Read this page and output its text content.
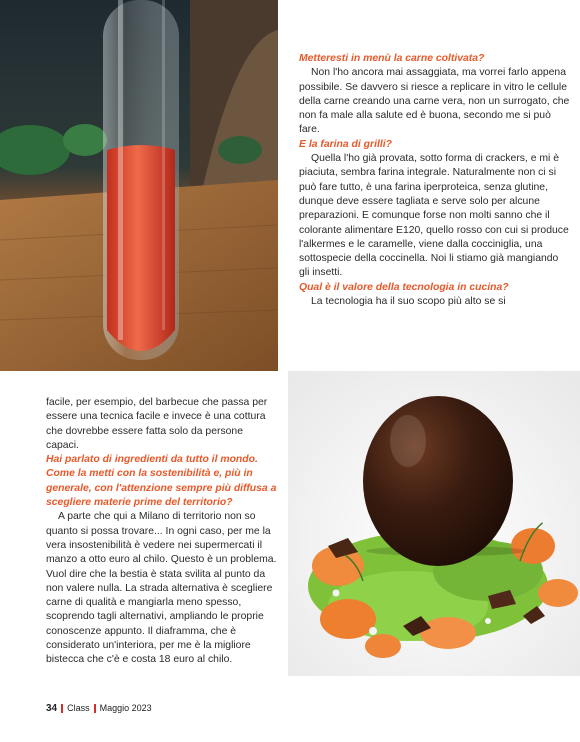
Metteresti in menù la carne coltivata?

Non l'ho ancora mai assaggiata, ma vorrei farlo appena possibile. Se davvero si riesce a replicare in vitro le cellule della carne creando una carne vera, non un surrogato, che non fa male alla salute ed è buona, secondo me si può fare.

E la farina di grilli?

Quella l'ho già provata, sotto forma di crackers, e mi è piaciuta, sembra farina integrale. Naturalmente non ci si può fare tutto, è una farina iperproteica, senza glutine, dunque deve essere tagliata e serve solo per alcune preparazioni. E comunque forse non molti sanno che il colorante alimentare E120, quello rosso con cui si produce l'alkermes e le caramelle, viene dalla cocciniglia, una sottospecie della coccinella. Noi li stiamo già mangiando gli insetti.

Qual è il valore della tecnologia in cucina?

La tecnologia ha il suo scopo più alto se si

facile, per esempio, del barbecue che passa per essere una tecnica facile e invece è una cottura che dovrebbe essere fatta solo da persone capaci.

Hai parlato di ingredienti da tutto il mondo. Come la metti con la sostenibilità e, più in generale, con l'attenzione sempre più diffusa a scegliere materie prime del territorio?

A parte che qui a Milano di territorio non so quanto si possa trovare... In ogni caso, per me la vera insostenibilità è vedere nei supermercati il manzo a otto euro al chilo. Questo è un problema. Vuol dire che la bestia è stata svilita al punto da non valere nulla. La strada alternativa è scegliere carne di qualità e mangiarla meno spesso, scoprendo tagli alternativi, ampliando le proprie conoscenze appunto. Il diaframma, che è considerato un'interiora, per me è la migliore bistecca che c'è e costa 18 euro al chilo.

34 Class Maggio 2023
